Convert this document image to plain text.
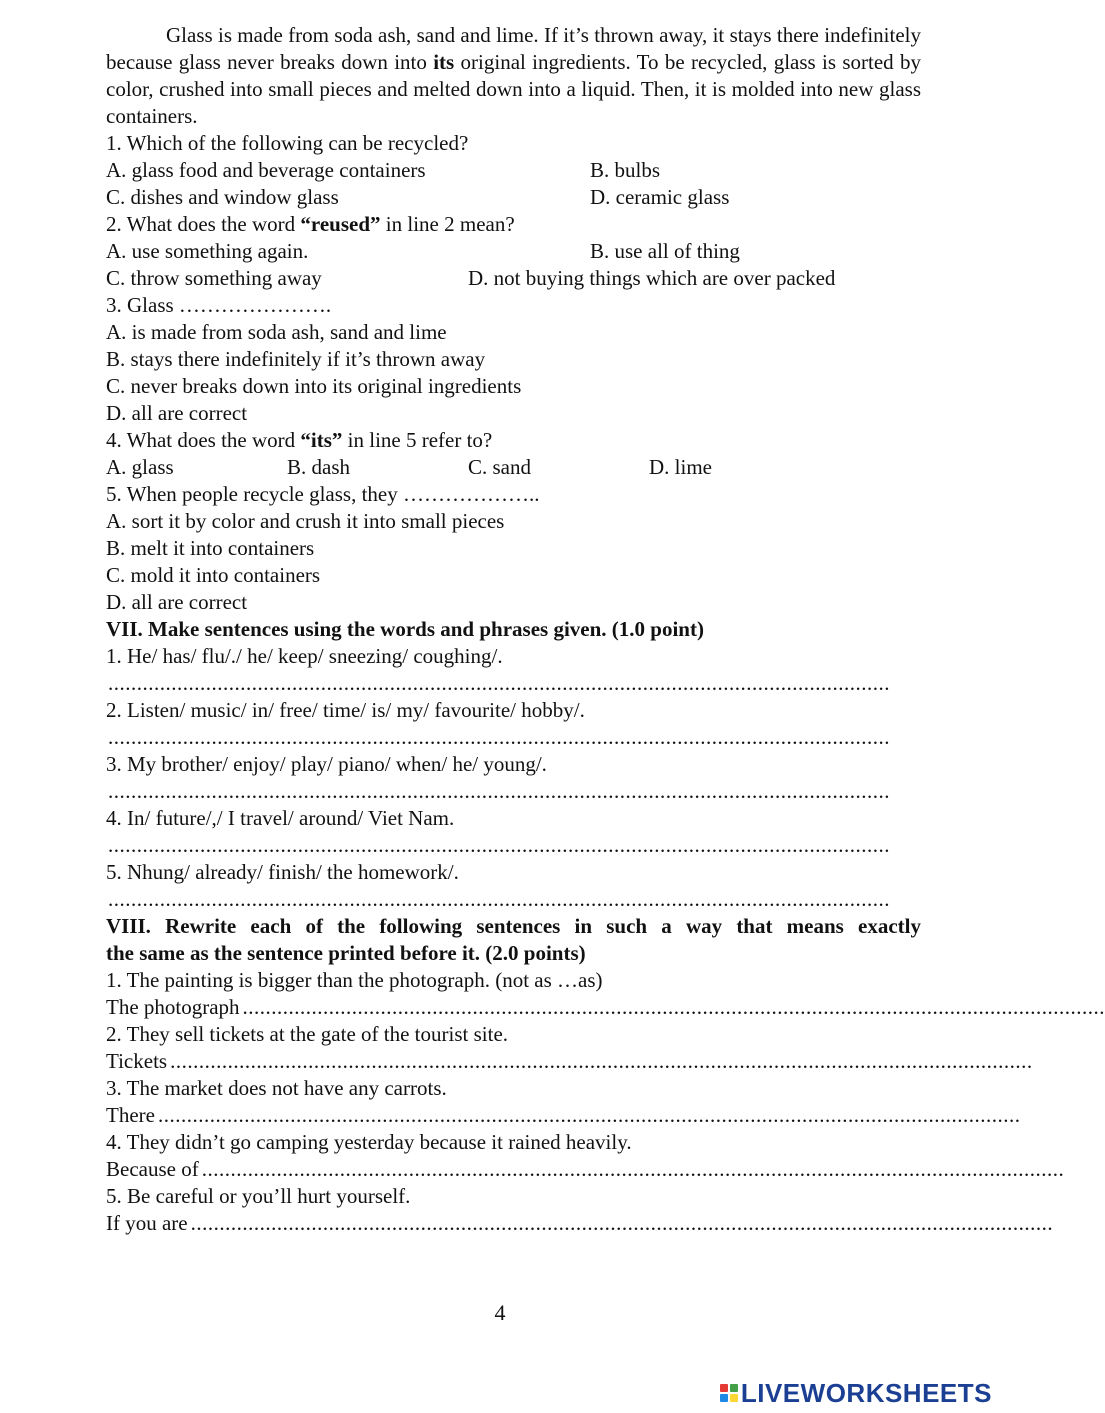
Glass is made from soda ash, sand and lime. If it’s thrown away, it stays there indefinitely because glass never breaks down into its original ingredients. To be recycled, glass is sorted by color, crushed into small pieces and melted down into a liquid. Then, it is molded into new glass containers.
1. Which of the following can be recycled?
A. glass food and beverage containers	B. bulbs
C. dishes and window glass	D. ceramic glass
2. What does the word “reused” in line 2 mean?
A. use something again.	B. use all of thing
C. throw something away	D. not buying things which are over packed
3. Glass ………………….
A. is made from soda ash, sand and lime
B. stays there indefinitely if it’s thrown away
C. never breaks down into its original ingredients
D. all are correct
4. What does the word “its” in line 5 refer to?
A. glass	B. dash	C. sand	D. lime
5. When people recycle glass, they ………………..
A. sort it by color and crush it into small pieces
B. melt it into containers
C. mold it into containers
D. all are correct
VII. Make sentences using the words and phrases given. (1.0 point)
1. He/ has/ flu/./ he/ keep/ sneezing/ coughing/.
........................................................................................................................................
2. Listen/ music/ in/ free/ time/ is/ my/ favourite/ hobby/.
........................................................................................................................................
3. My brother/ enjoy/ play/ piano/ when/ he/ young/.
........................................................................................................................................
4. In/ future/,/ I travel/ around/ Viet Nam.
........................................................................................................................................
5. Nhung/ already/ finish/ the homework/.
........................................................................................................................................
VIII. Rewrite each of the following sentences in such a way that means exactly
the same as the sentence printed before it. (2.0 points)
1. The painting is bigger than the photograph. (not as …as)
The photograph ......................................................................................................................................................
2. They sell tickets at the gate of the tourist site.
Tickets ......................................................................................................................................................
3. The market does not have any carrots.
There ......................................................................................................................................................
4. They didn’t go camping yesterday because it rained heavily.
Because of ......................................................................................................................................................
5. Be careful or you’ll hurt yourself.
If you are ......................................................................................................................................................
4
LIVEWORKSHEETS
